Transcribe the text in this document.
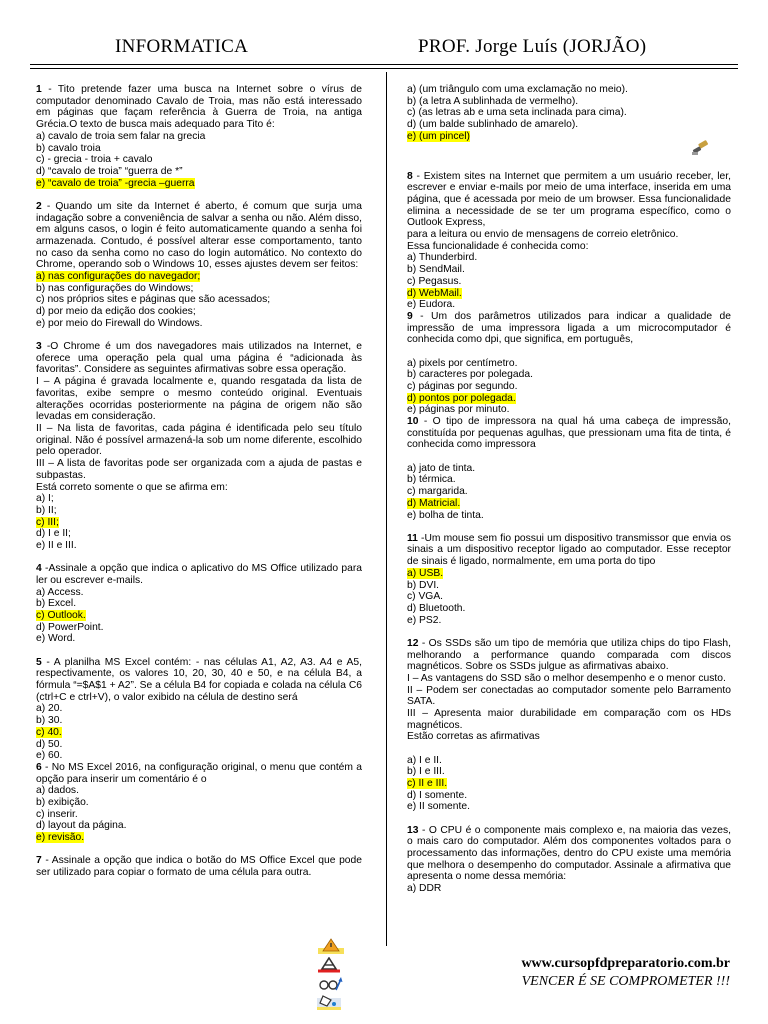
INFORMATICA	PROF. Jorge Luís (JORJÃO)

1 - Tito pretende fazer uma busca na Internet sobre o vírus de computador denominado Cavalo de Troia, mas não está interessado em páginas que façam referência à Guerra de Troia, na antiga Grécia.O texto de busca mais adequado para Tito é:

a) cavalo de troia sem falar na grecia
b) cavalo troia
c) - grecia - troia + cavalo
d) “cavalo de troia” “guerra de *”
e) “cavalo de troia” -grecia –guerra

2 - Quando um site da Internet é aberto, é comum que surja uma indagação sobre a conveniência de salvar a senha ou não. Além disso, em alguns casos, o login é feito automaticamente quando a senha foi armazenada. Contudo, é possível alterar esse comportamento, tanto no caso da senha como no caso do login automático. No contexto do Chrome, operando sob o Windows 10, esses ajustes devem ser feitos:

a) nas configurações do navegador;
b) nas configurações do Windows;
c) nos próprios sites e páginas que são acessados;
d) por meio da edição dos cookies;
e) por meio do Firewall do Windows.

3 -O Chrome é um dos navegadores mais utilizados na Internet, e oferece uma operação pela qual uma página é “adicionada às favoritas”. Considere as seguintes afirmativas sobre essa operação.

I – A página é gravada localmente e, quando resgatada da lista de favoritas, exibe sempre o mesmo conteúdo original. Eventuais alterações ocorridas posteriormente na página de origem não são levadas em consideração.

II – Na lista de favoritas, cada página é identificada pelo seu título original. Não é possível armazená-la sob um nome diferente, escolhido pelo operador.

III – A lista de favoritas pode ser organizada com a ajuda de pastas e subpastas.

Está correto somente o que se afirma em:

a) I;
b) II;
c) III;
d) I e II;
e) II e III.

4 -Assinale a opção que indica o aplicativo do MS Office utilizado para ler ou escrever e-mails.

a) Access.
b) Excel.
c) Outlook.
d) PowerPoint.
e) Word.

5 - A planilha MS Excel contém: - nas células A1, A2, A3. A4 e A5, respectivamente, os valores 10, 20, 30, 40 e 50, e na célula B4, a fórmula “=$A$1 + A2”. Se a célula B4 for copiada e colada na célula C6 (ctrl+C e ctrl+V), o valor exibido na célula de destino será

a) 20.
b) 30.
c) 40.
d) 50.
e) 60.

6 - No MS Excel 2016, na configuração original, o menu que contém a opção para inserir um comentário é o

a) dados.
b) exibição.
c) inserir.
d) layout da página.
e) revisão.

7 - Assinale a opção que indica o botão do MS Office Excel que pode ser utilizado para copiar o formato de uma célula para outra.

a) (um triângulo com uma exclamação no meio).
b) (a letra A sublinhada de vermelho).
c) (as letras ab e uma seta inclinada para cima).
d) (um balde sublinhado de amarelo).
e) (um pincel)

8 - Existem sites na Internet que permitem a um usuário receber, ler, escrever e enviar e-mails por meio de uma interface, inserida em uma página, que é acessada por meio de um browser. Essa funcionalidade elimina a necessidade de se ter um programa específico, como o Outlook Express,

para a leitura ou envio de mensagens de correio eletrônico.

Essa funcionalidade é conhecida como:

a) Thunderbird.
b) SendMail.
c) Pegasus.
d) WebMail.
e) Eudora.

9 - Um dos parâmetros utilizados para indicar a qualidade de impressão de uma impressora ligada a um microcomputador é conhecida como dpi, que significa, em português,

a) pixels por centímetro.
b) caracteres por polegada.
c) páginas por segundo.
d) pontos por polegada.
e) páginas por minuto.

10 - O tipo de impressora na qual há uma cabeça de impressão, constituída por pequenas agulhas, que pressionam uma fita de tinta, é conhecida como impressora

a) jato de tinta.
b) térmica.
c) margarida.
d) Matricial.
e) bolha de tinta.

11 -Um mouse sem fio possui um dispositivo transmissor que envia os sinais a um dispositivo receptor ligado ao computador. Esse receptor de sinais é ligado, normalmente, em uma porta do tipo

a) USB.
b) DVI.
c) VGA.
d) Bluetooth.
e) PS2.

12 - Os SSDs são um tipo de memória que utiliza chips do tipo Flash, melhorando a performance quando comparada com discos magnéticos. Sobre os SSDs julgue as afirmativas abaixo.

I – As vantagens do SSD são o melhor desempenho e o menor custo.

II – Podem ser conectadas ao computador somente pelo Barramento SATA.

III – Apresenta maior durabilidade em comparação com os HDs magnéticos.

Estão corretas as afirmativas

a) I e II.
b) I e III.
c) II e III.
d) I somente.
e) II somente.

13 - O CPU é o componente mais complexo e, na maioria das vezes, o mais caro do computador. Além dos componentes voltados para o processamento das informações, dentro do CPU existe uma memória que melhora o desempenho do computador. Assinale a afirmativa que apresenta o nome dessa memória:

a) DDR
www.cursopfdpreparatorio.com.br
VENCER É SE COMPROMETER !!!
